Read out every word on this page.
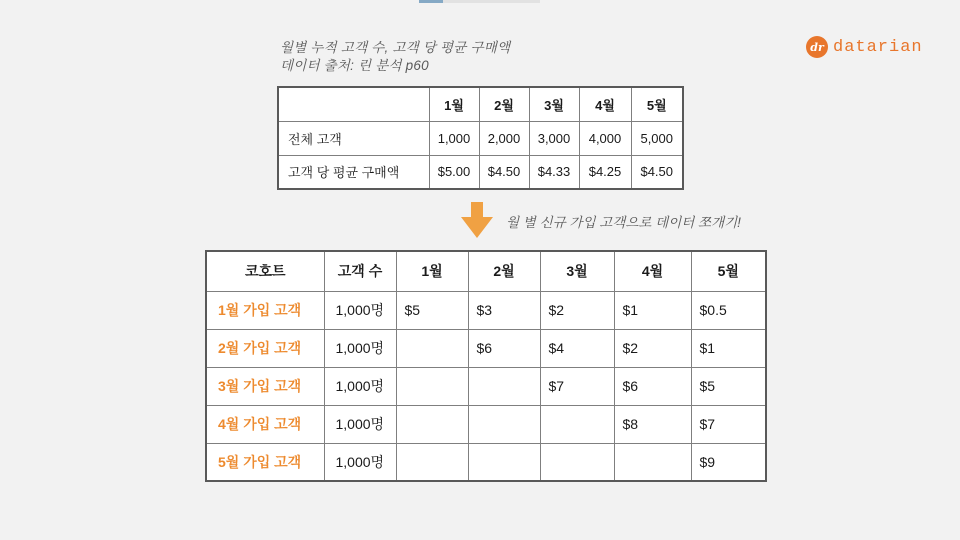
월별 누적 고객 수, 고객 당 평균 구매액
데이터 출처: 린 분석 p60
dr datarian
	1월	2월	3월	4월	5월
전체 고객	1,000	2,000	3,000	4,000	5,000
고객 당 평균 구매액	$5.00	$4.50	$4.33	$4.25	$4.50
월 별 신규 가입 고객으로 데이터 쪼개기!
코호트	고객 수	1월	2월	3월	4월	5월
1월 가입 고객	1,000명	$5	$3	$2	$1	$0.5
2월 가입 고객	1,000명		$6	$4	$2	$1
3월 가입 고객	1,000명			$7	$6	$5
4월 가입 고객	1,000명				$8	$7
5월 가입 고객	1,000명					$9
